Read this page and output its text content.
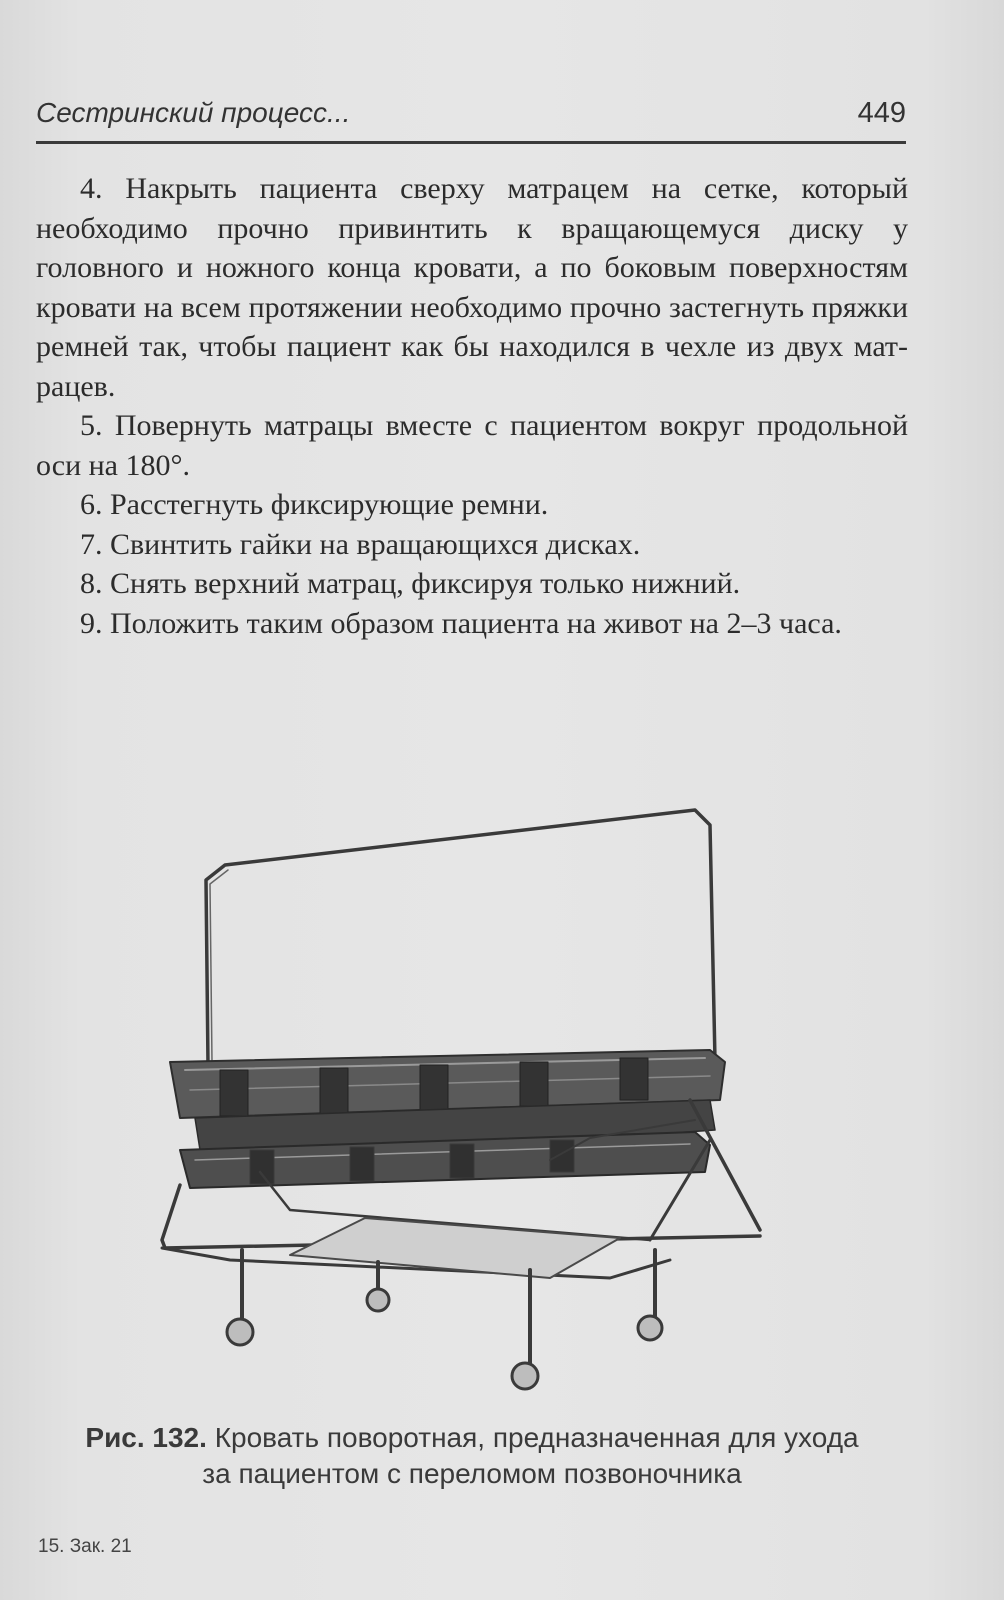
Сестринский процесс...	449

4. Накрыть пациента сверху матрацем на сетке, который необходимо прочно привинтить к вращающемуся диску у головного и ножного конца кровати, а по боковым поверхностям кровати на всем протяжении необходимо прочно застегнуть пряжки ремней так, чтобы пациент как бы находился в чехле из двух матрацев.

5. Повернуть матрацы вместе с пациентом вокруг продольной оси на 180°.

6. Расстегнуть фиксирующие ремни.

7. Свинтить гайки на вращающихся дисках.

8. Снять верхний матрац, фиксируя только нижний.

9. Положить таким образом пациента на живот на 2–3 часа.

Рис. 132. Кровать поворотная, предназначенная для ухода
за пациентом с переломом позвоночника
15. Зак. 21
